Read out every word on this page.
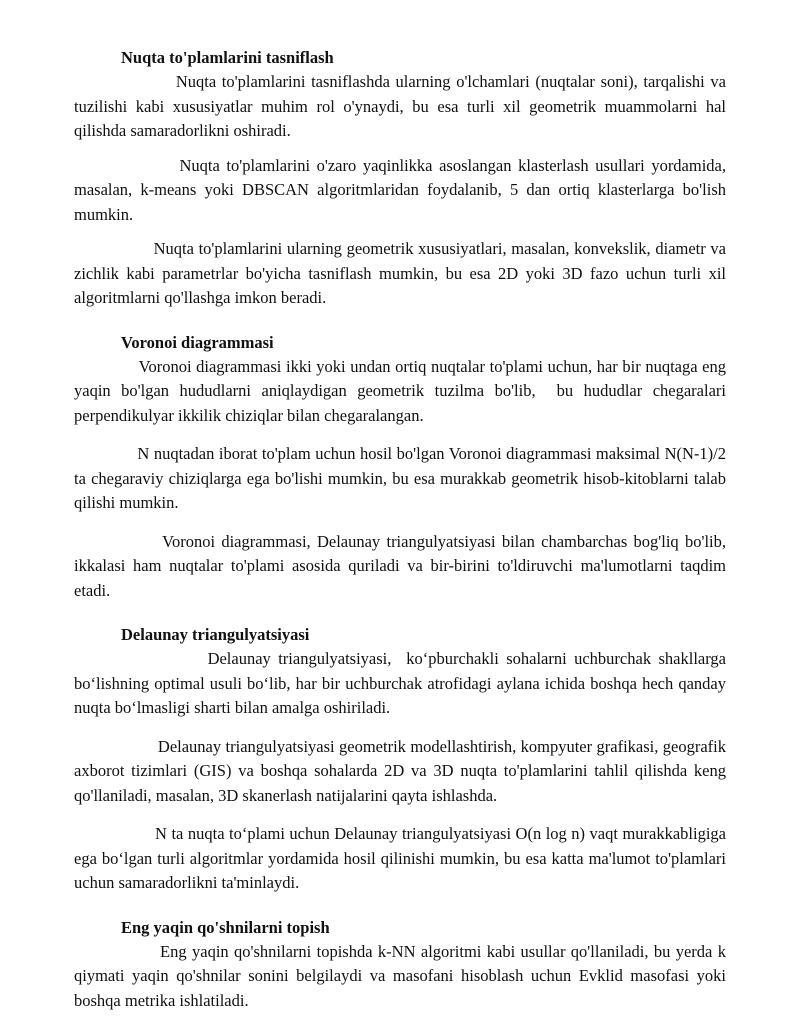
Nuqta to'plamlarini tasniflash

Nuqta to'plamlarini tasniflashda ularning o'lchamlari (nuqtalar soni), tarqalishi va tuzilishi kabi xususiyatlar muhim rol o'ynaydi, bu esa turli xil geometrik muammolarni hal qilishda samaradorlikni oshiradi.

Nuqta to'plamlarini o'zaro yaqinlikka asoslangan klasterlash usullari yordamida, masalan, k-means yoki DBSCAN algoritmlaridan foydalanib, 5 dan ortiq klasterlarga bo'lish mumkin.

Nuqta to'plamlarini ularning geometrik xususiyatlari, masalan, konvekslik, diametr va zichlik kabi parametrlar bo'yicha tasniflash mumkin, bu esa 2D yoki 3D fazo uchun turli xil algoritmlarni qo'llashga imkon beradi.

Voronoi diagrammasi

Voronoi diagrammasi ikki yoki undan ortiq nuqtalar to'plami uchun, har bir nuqtaga eng yaqin bo'lgan hududlarni aniqlaydigan geometrik tuzilma bo'lib,  bu hududlar chegaralari perpendikulyar ikkilik chiziqlar bilan chegaralangan.

N nuqtadan iborat to'plam uchun hosil bo'lgan Voronoi diagrammasi maksimal N(N-1)/2 ta chegaraviy chiziqlarga ega bo'lishi mumkin, bu esa murakkab geometrik hisob-kitoblarni talab qilishi mumkin.

Voronoi diagrammasi, Delaunay triangulyatsiyasi bilan chambarchas bog'liq bo'lib,  ikkalasi ham nuqtalar to'plami asosida quriladi va bir-birini to'ldiruvchi ma'lumotlarni taqdim etadi.

Delaunay triangulyatsiyasi

Delaunay triangulyatsiyasi,  ko‘pburchakli sohalarni uchburchak shakllarga bo‘lishning optimal usuli bo‘lib, har bir uchburchak atrofidagi aylana ichida boshqa hech qanday nuqta bo‘lmasligi sharti bilan amalga oshiriladi.

Delaunay triangulyatsiyasi geometrik modellashtirish, kompyuter grafikasi, geografik axborot tizimlari (GIS) va boshqa sohalarda 2D va 3D nuqta to'plamlarini tahlil qilishda keng qo'llaniladi, masalan, 3D skanerlash natijalarini qayta ishlashda.

N ta nuqta to‘plami uchun Delaunay triangulyatsiyasi O(n log n) vaqt murakkabligiga ega bo‘lgan turli algoritmlar yordamida hosil qilinishi mumkin, bu esa katta ma'lumot to'plamlari uchun samaradorlikni ta'minlaydi.

Eng yaqin qo'shnilarni topish

Eng yaqin qo'shnilarni topishda k-NN algoritmi kabi usullar qo'llaniladi, bu yerda k qiymati yaqin qo'shnilar sonini belgilaydi va masofani hisoblash uchun Evklid masofasi yoki boshqa metrika ishlatiladi.
